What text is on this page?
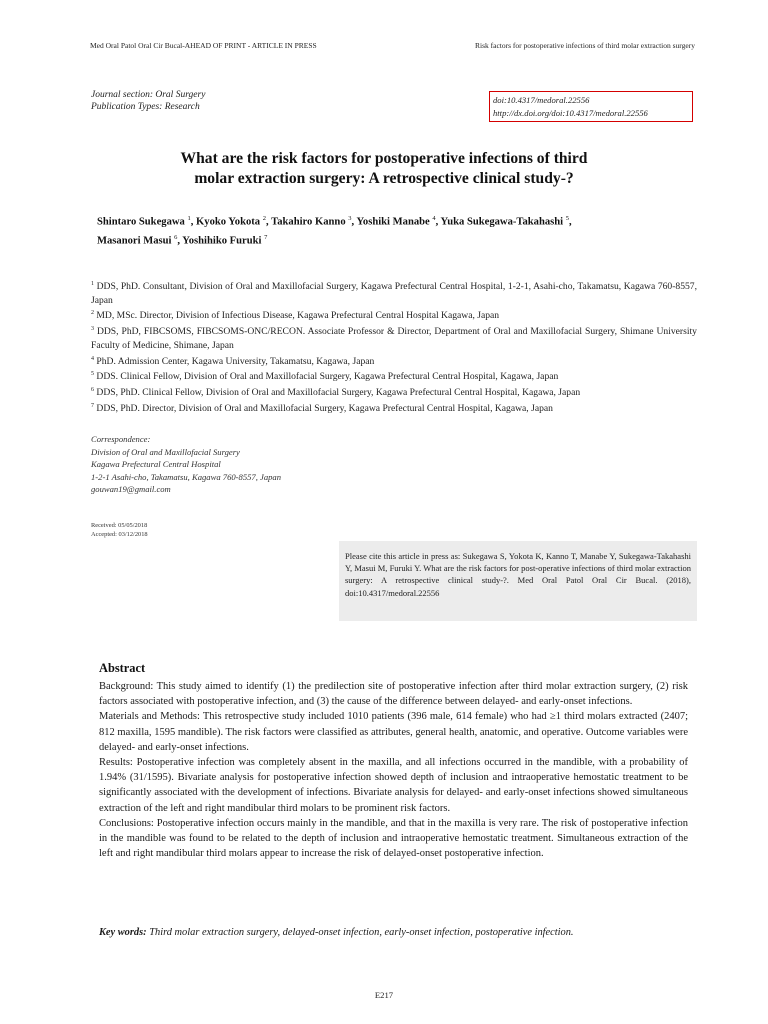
Med Oral Patol Oral Cir Bucal-AHEAD OF PRINT - ARTICLE IN PRESS	Risk factors for postoperative infections of third molar extraction surgery
Journal section: Oral Surgery
Publication Types: Research
doi:10.4317/medoral.22556
http://dx.doi.org/doi:10.4317/medoral.22556
What are the risk factors for postoperative infections of third
molar extraction surgery: A retrospective clinical study-?
Shintaro Sukegawa $^1$, Kyoko Yokota $^2$, Takahiro Kanno $^3$, Yoshiki Manabe $^4$, Yuka Sukegawa-Takahashi $^5$,
Masanori Masui $^6$, Yoshihiko Furuki $^7$
$^1$ DDS, PhD. Consultant, Division of Oral and Maxillofacial Surgery, Kagawa Prefectural Central Hospital, 1-2-1, Asahi-cho, Takamatsu, Kagawa 760-8557, Japan
$^2$ MD, MSc. Director, Division of Infectious Disease, Kagawa Prefectural Central Hospital Kagawa, Japan
$^3$ DDS, PhD, FIBCSOMS, FIBCSOMS-ONC/RECON. Associate Professor & Director, Department of Oral and Maxillofacial Surgery, Shimane University Faculty of Medicine, Shimane, Japan
$^4$ PhD. Admission Center, Kagawa University, Takamatsu, Kagawa, Japan
$^5$ DDS. Clinical Fellow, Division of Oral and Maxillofacial Surgery, Kagawa Prefectural Central Hospital, Kagawa, Japan
$^6$ DDS, PhD. Clinical Fellow, Division of Oral and Maxillofacial Surgery, Kagawa Prefectural Central Hospital, Kagawa, Japan
$^7$ DDS, PhD. Director, Division of Oral and Maxillofacial Surgery, Kagawa Prefectural Central Hospital, Kagawa, Japan
Correspondence:
Division of Oral and Maxillofacial Surgery
Kagawa Prefectural Central Hospital
1-2-1 Asahi-cho, Takamatsu, Kagawa 760-8557, Japan
gouwan19@gmail.com
Received: 05/05/2018
Accepted: 03/12/2018
Please cite this article in press as: Sukegawa S, Yokota K, Kanno T, Manabe Y, Sukegawa-Takahashi Y, Masui M, Furuki Y. What are the risk factors for post-operative infections of third molar extraction surgery: A retrospective clinical study-?. Med Oral Patol Oral Cir Bucal. (2018), doi:10.4317/medoral.22556
Abstract
Background: This study aimed to identify (1) the predilection site of postoperative infection after third molar extraction surgery, (2) risk factors associated with postoperative infection, and (3) the cause of the difference between delayed- and early-onset infections.
Materials and Methods: This retrospective study included 1010 patients (396 male, 614 female) who had ≥1 third molars extracted (2407; 812 maxilla, 1595 mandible). The risk factors were classified as attributes, general health, anatomic, and operative. Outcome variables were delayed- and early-onset infections.
Results: Postoperative infection was completely absent in the maxilla, and all infections occurred in the mandible, with a probability of 1.94% (31/1595). Bivariate analysis for postoperative infection showed depth of inclusion and intraoperative hemostatic treatment to be significantly associated with the development of infections. Bivariate analysis for delayed- and early-onset infections showed simultaneous extraction of the left and right mandibular third molars to be prominent risk factors.
Conclusions: Postoperative infection occurs mainly in the mandible, and that in the maxilla is very rare. The risk of postoperative infection in the mandible was found to be related to the depth of inclusion and intraoperative hemostatic treatment. Simultaneous extraction of the left and right mandibular third molars appear to increase the risk of delayed-onset postoperative infection.
Key words: Third molar extraction surgery, delayed-onset infection, early-onset infection, postoperative infection.
E217
